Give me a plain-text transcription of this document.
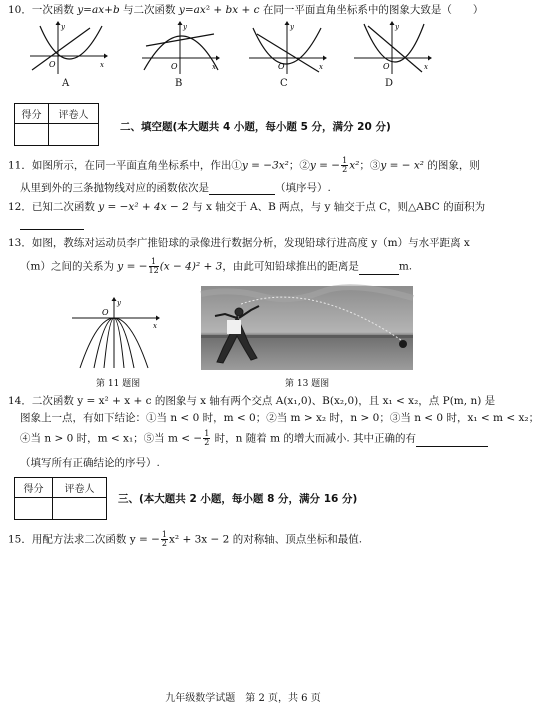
10．一次函数 y=ax+b 与二次函数 y=ax² + bx + c 在同一平面直角坐标系中的图象大致是（　　）
O	x
y
A
O	x
y
B
O	x
y
C
O	x
y
D
得分	评卷人

二、填空题(本大题共 4 小题，每小题 5 分，满分 20 分)
11．如图所示，在同一平面直角坐标系中，作出①y = −3x²；②y = − $\frac{1}{2} x^2$；③y = − x² 的图象，则
从里到外的三条抛物线对应的函数依次是	（填序号）.
12．已知二次函数 y = −x² + 4x − 2 与 x 轴交于 A、B 两点，与 y 轴交于点 C，则△ABC 的面积为
13．如图，教练对运动员李广推铅球的录像进行数据分析，发现铅球行进高度 y（m）与水平距离 x
（m）之间的关系为 y = − $\frac{1}{12} (x - 4)^2 + 3$，由此可知铅球推出的距离是	m.
O
x
y
第 11 题图	第 13 题图
14．二次函数 y = x² + x + c 的图象与 x 轴有两个交点 A(x₁,0)、B(x₂,0)，且 x₁ < x₂，点 P(m, n) 是
图象上一点，有如下结论：①当 n < 0 时，m < 0；②当 m > x₂ 时，n > 0；③当 n < 0 时，x₁ < m < x₂；
④当 n > 0 时，m < x₁；⑤当 m < − $\frac{1}{2}$ 时，n 随着 m 的增大而减小. 其中正确的有
（填写所有正确结论的序号）.
得分	评卷人

三、(本大题共 2 小题，每小题 8 分，满分 16 分)
15．用配方法求二次函数 y = − $\frac{1}{2} x^2 + 3x - 2$ 的对称轴、顶点坐标和最值.
九年级数学试题　第 2 页，共 6 页
